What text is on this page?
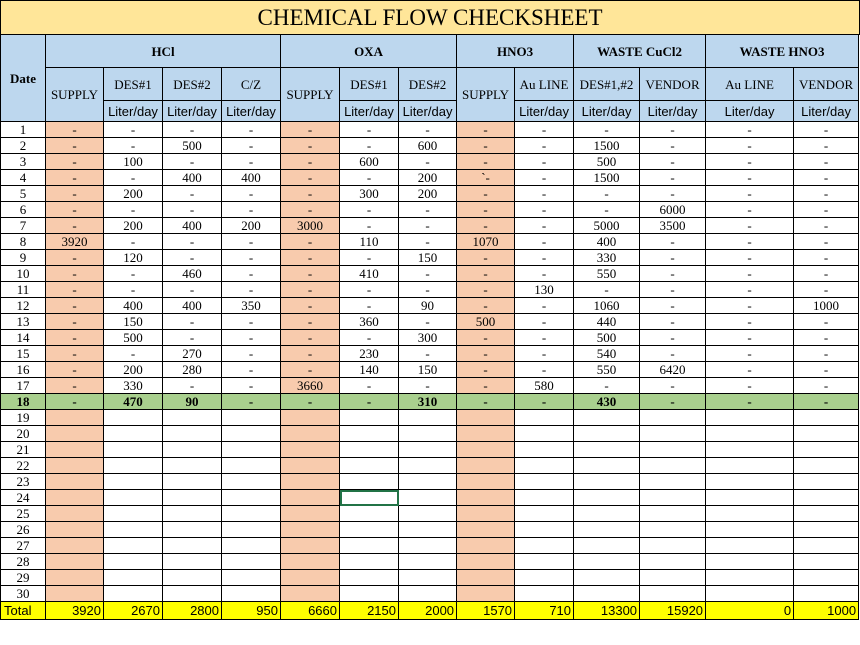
CHEMICAL FLOW CHECKSHEET
Date	HCl				OXA			HNO3		WASTE CuCl2		WASTE HNO3	
	SUPPLY	DES#1	DES#2	C/Z	SUPPLY	DES#1	DES#2	SUPPLY	Au LINE	DES#1,#2	VENDOR	Au LINE	VENDOR
		Liter/day	Liter/day	Liter/day		Liter/day	Liter/day		Liter/day	Liter/day	Liter/day	Liter/day	Liter/day
1	-	-	-	-	-	-	-	-	-	-	-	-	-
2	-	-	500	-	-	-	600	-	-	1500	-	-	-
3	-	100	-	-	-	600	-	-	-	500	-	-	-
4	-	-	400	400	-	-	200	`-	-	1500	-	-	-
5	-	200	-	-	-	300	200	-	-	-	-	-	-
6	-	-	-	-	-	-	-	-	-	-	6000	-	-
7	-	200	400	200	3000	-	-	-	-	5000	3500	-	-
8	3920	-	-	-	-	110	-	1070	-	400	-	-	-
9	-	120	-	-	-	-	150	-	-	330	-	-	-
10	-	-	460	-	-	410	-	-	-	550	-	-	-
11	-	-	-	-	-	-	-	-	130	-	-	-	-
12	-	400	400	350	-	-	90	-	-	1060	-	-	1000
13	-	150	-	-	-	360	-	500	-	440	-	-	-
14	-	500	-	-	-	-	300	-	-	500	-	-	-
15	-	-	270	-	-	230	-	-	-	540	-	-	-
16	-	200	280	-	-	140	150	-	-	550	6420	-	-
17	-	330	-	-	3660	-	-	-	580	-	-	-	-
18	-	470	90	-	-	-	310	-	-	430	-	-	-
19													
20													
21													
22													
23													
24													
25													
26													
27													
28													
29													
30													
Total	3920	2670	2800	950	6660	2150	2000	1570	710	13300	15920	0	1000
